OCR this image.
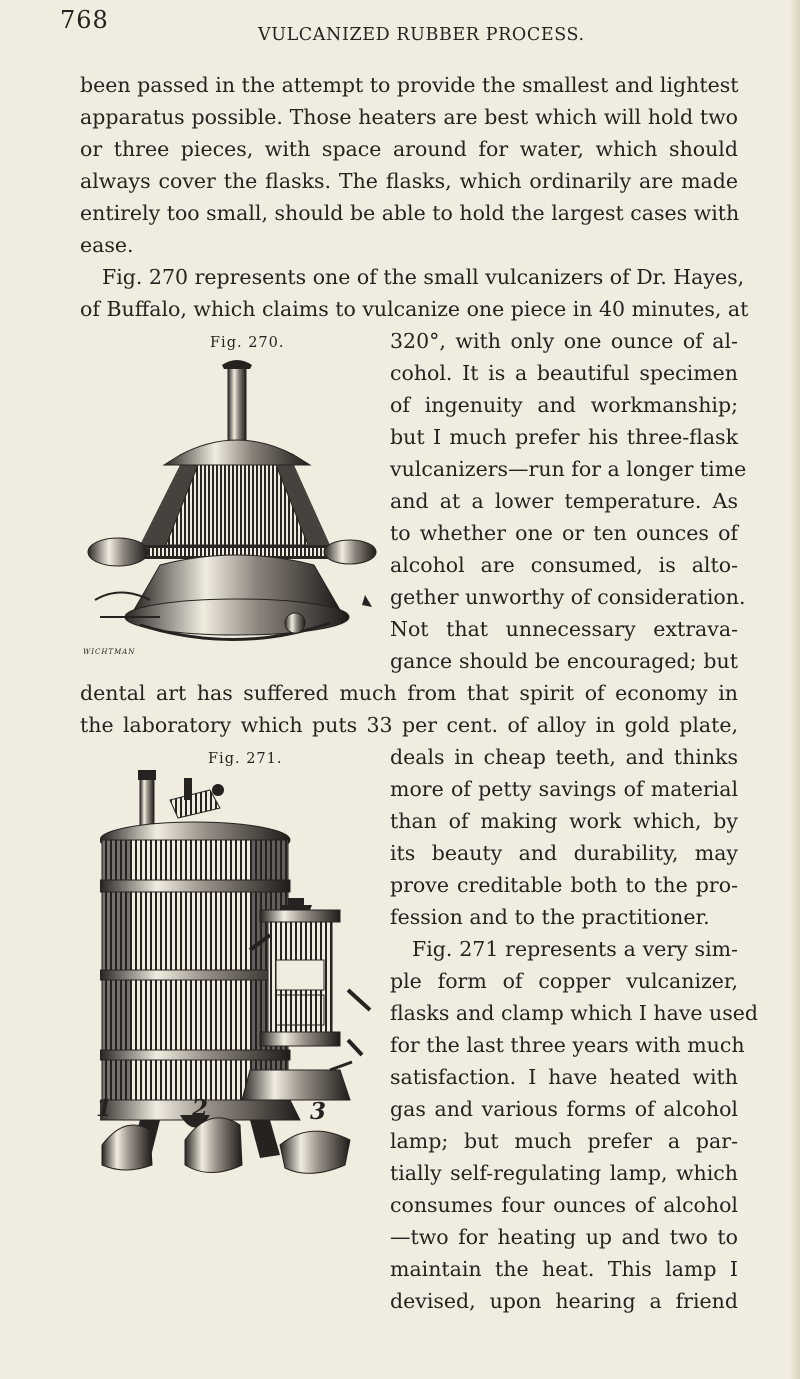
768
VULCANIZED RUBBER PROCESS.
been passed in the attempt to provide the smallest and lightest
apparatus possible. Those heaters are best which will hold two
or three pieces, with space around for water, which should
always cover the flasks. The flasks, which ordinarily are made
entirely too small, should be able to hold the largest cases with
ease.
Fig. 270 represents one of the small vulcanizers of Dr. Hayes,
of Buffalo, which claims to vulcanize one piece in 40 minutes, at
320°, with only one ounce of al-
cohol. It is a beautiful specimen
of ingenuity and workmanship;
but I much prefer his three-flask
vulcanizers—run for a longer time
and at a lower temperature. As
to whether one or ten ounces of
alcohol are consumed, is alto-
gether unworthy of consideration.
Not that unnecessary extrava-
gance should be encouraged; but
dental art has suffered much from that spirit of economy in
the laboratory which puts 33 per cent. of alloy in gold plate,
deals in cheap teeth, and thinks
more of petty savings of material
than of making work which, by
its beauty and durability, may
prove creditable both to the pro-
fession and to the practitioner.
Fig. 271 represents a very sim-
ple form of copper vulcanizer,
flasks and clamp which I have used
for the last three years with much
satisfaction. I have heated with
gas and various forms of alcohol
lamp; but much prefer a par-
tially self-regulating lamp, which
consumes four ounces of alcohol
—two for heating up and two to
maintain the heat. This lamp I
devised, upon hearing a friend
Fig. 270.
WICHTMAN
Fig. 271.
1	2	3
